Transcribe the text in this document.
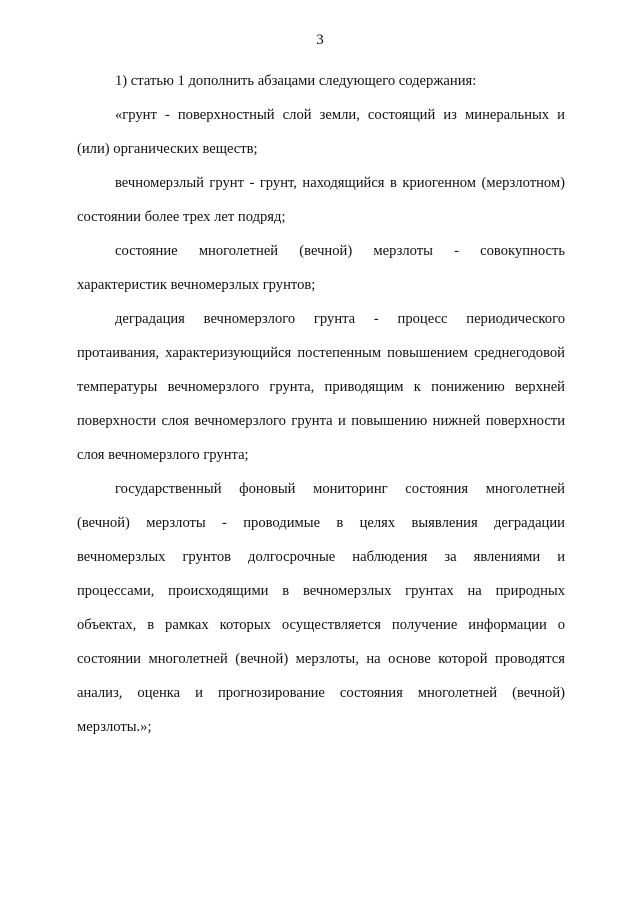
3

1) статью 1 дополнить абзацами следующего содержания:

«грунт - поверхностный слой земли, состоящий из минеральных и (или) органических веществ;

вечномерзлый грунт - грунт, находящийся в криогенном (мерзлотном) состоянии более трех лет подряд;

состояние многолетней (вечной) мерзлоты - совокупность характеристик вечномерзлых грунтов;

деградация вечномерзлого грунта - процесс периодического протаивания, характеризующийся постепенным повышением среднегодовой температуры вечномерзлого грунта, приводящим к понижению верхней поверхности слоя вечномерзлого грунта и повышению нижней поверхности слоя вечномерзлого грунта;

государственный фоновый мониторинг состояния многолетней (вечной) мерзлоты - проводимые в целях выявления деградации вечномерзлых грунтов долгосрочные наблюдения за явлениями и процессами, происходящими в вечномерзлых грунтах на природных объектах, в рамках которых осуществляется получение информации о состоянии многолетней (вечной) мерзлоты, на основе которой проводятся анализ, оценка и прогнозирование состояния многолетней (вечной) мерзлоты.»;
